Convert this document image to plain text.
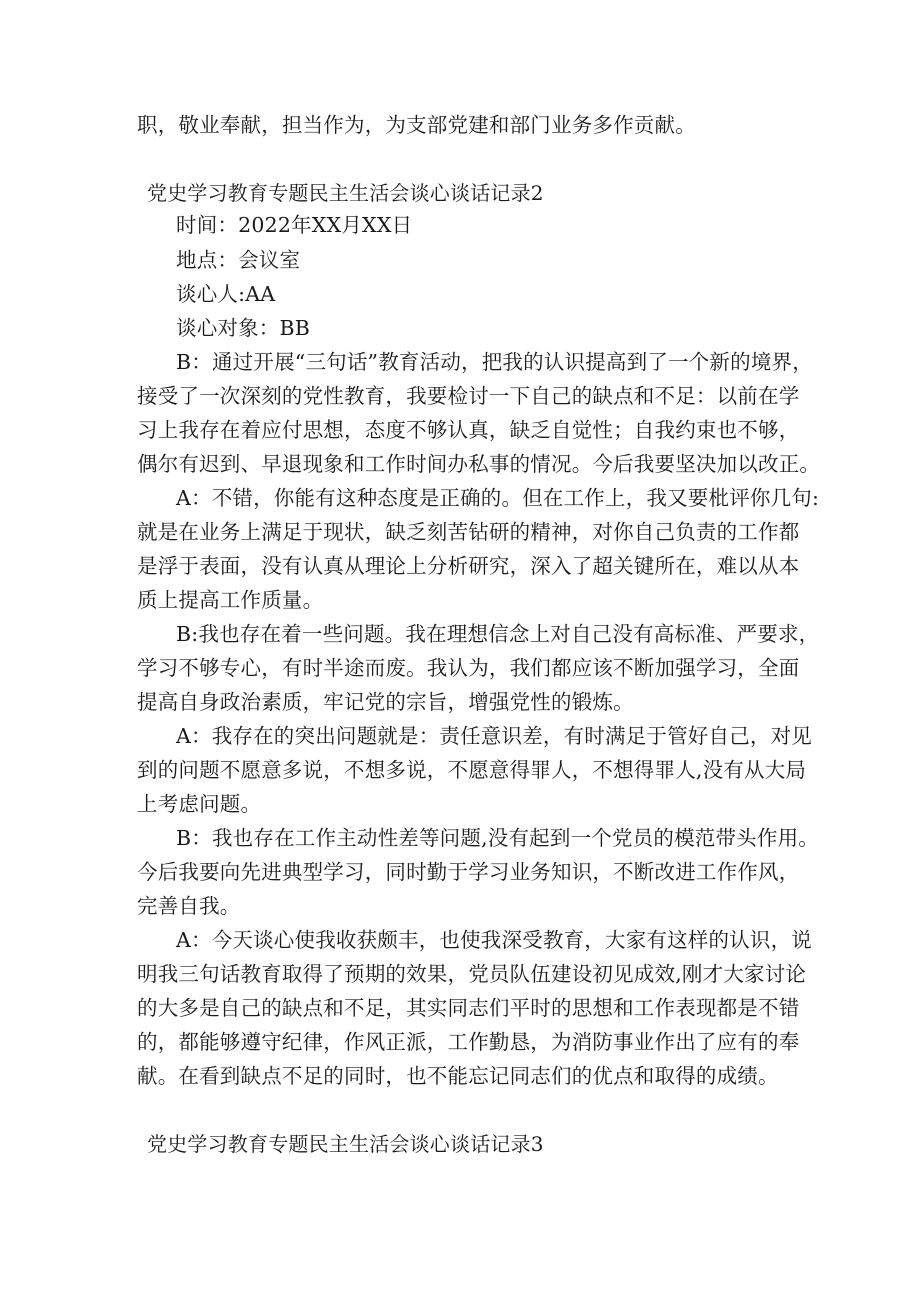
职，敬业奉献，担当作为，为支部党建和部门业务多作贡献。
党史学习教育专题民主生活会谈心谈话记录2
时间：2022年XX月XX日
地点：会议室
谈心人:AA
谈心对象：BB
B：通过开展“三句话”教育活动，把我的认识提高到了一个新的境界，
接受了一次深刻的党性教育，我要检讨一下自己的缺点和不足：以前在学
习上我存在着应付思想，态度不够认真，缺乏自觉性；自我约束也不够，
偶尔有迟到、早退现象和工作时间办私事的情况。今后我要坚决加以改正。
A：不错，你能有这种态度是正确的。但在工作上，我又要枇评你几句:
就是在业务上满足于现状，缺乏刻苦钻研的精神，对你自己负责的工作都
是浮于表面，没有认真从理论上分析研究，深入了超关键所在，难以从本
质上提高工作质量。
B:我也存在着一些问题。我在理想信念上对自己没有高标准、严要求，
学习不够专心，有时半途而废。我认为，我们都应该不断加强学习，全面
提高自身政治素质，牢记党的宗旨，增强党性的锻炼。
A：我存在的突出问题就是：责任意识差，有时满足于管好自己，对见
到的问题不愿意多说，不想多说，不愿意得罪人，不想得罪人,没有从大局
上考虑问题。
B：我也存在工作主动性差等问题,没有起到一个党员的模范带头作用。
今后我要向先进典型学习，同时勤于学习业务知识，不断改进工作作风，
完善自我。
A：今天谈心使我收获颇丰，也使我深受教育，大家有这样的认识，说
明我三句话教育取得了预期的效果，党员队伍建设初见成效,刚才大家讨论
的大多是自己的缺点和不足，其实同志们平时的思想和工作表现都是不错
的，都能够遵守纪律，作风正派，工作勤恳，为消防事业作出了应有的奉
献。在看到缺点不足的同时，也不能忘记同志们的优点和取得的成绩。
党史学习教育专题民主生活会谈心谈话记录3
